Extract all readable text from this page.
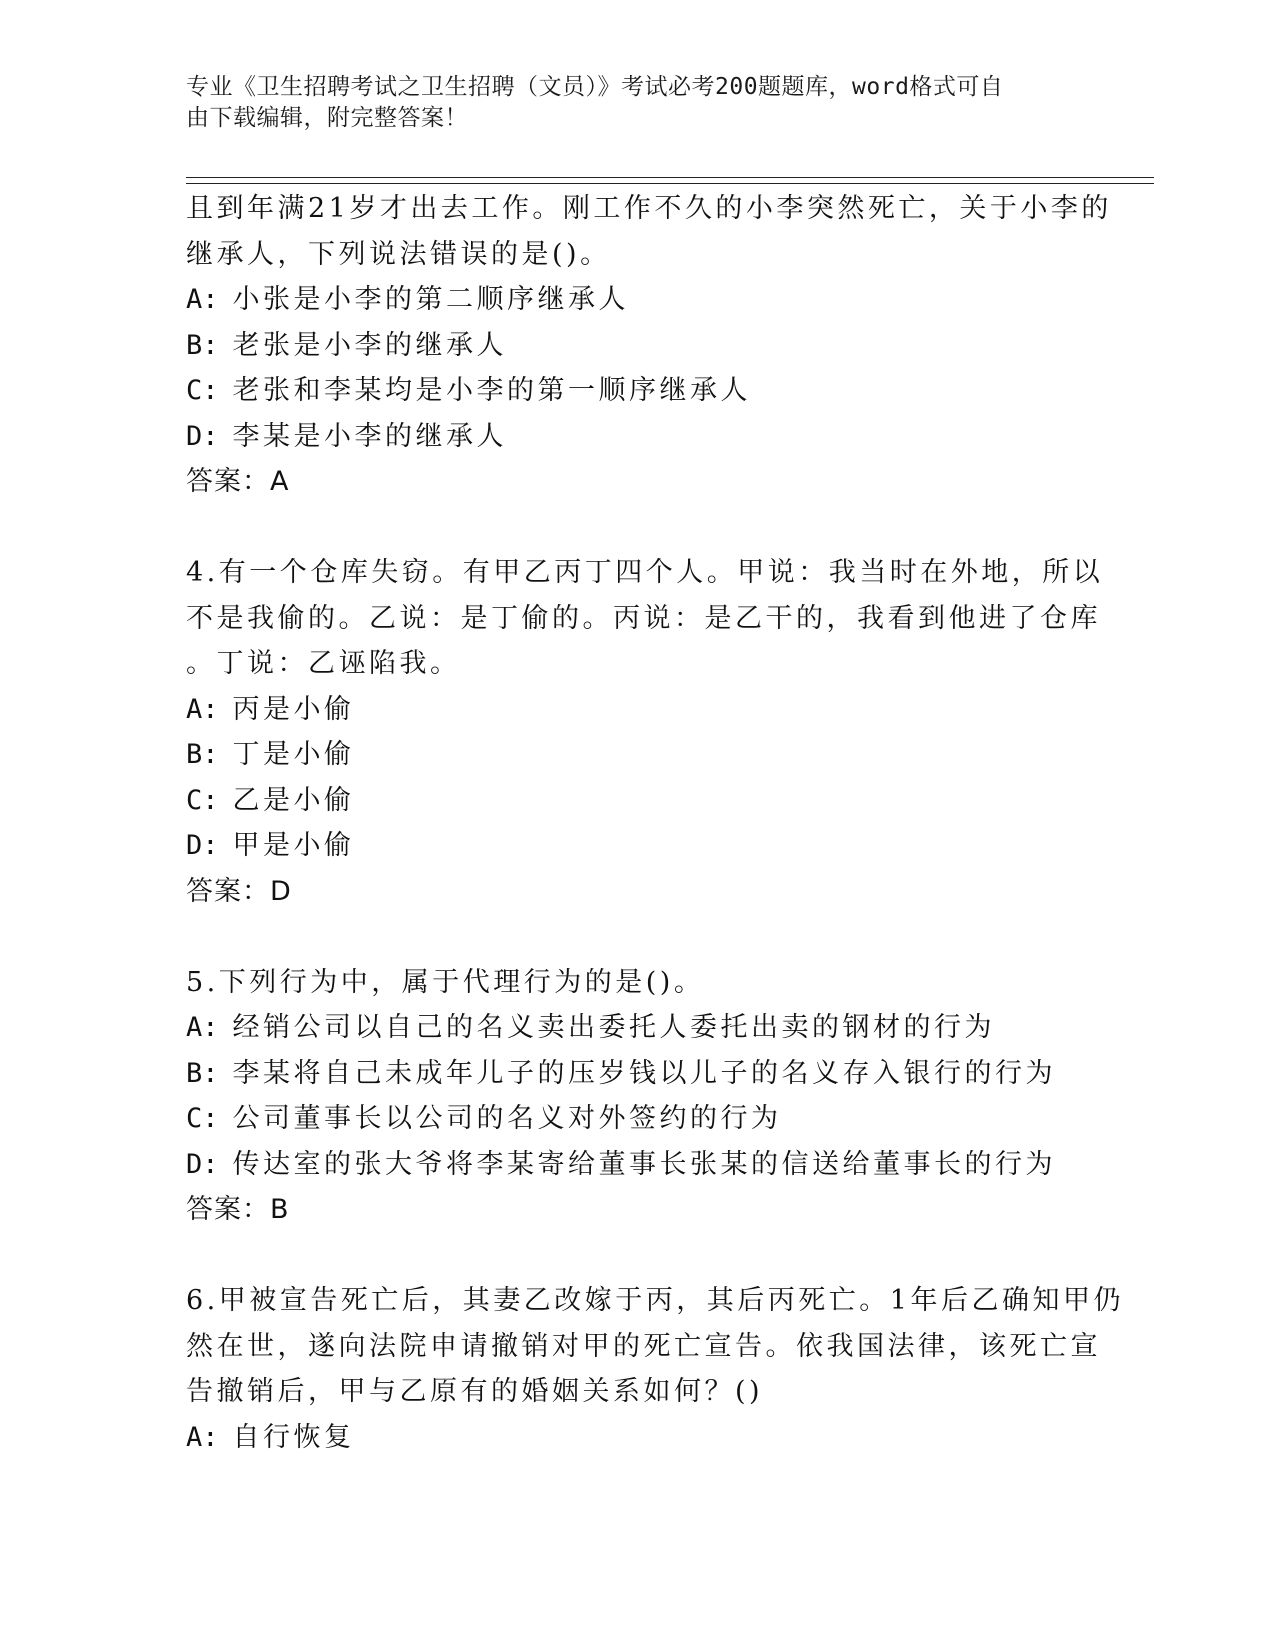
专业《卫生招聘考试之卫生招聘（文员）》考试必考200题题库，word格式可自
由下载编辑，附完整答案！
且到年满21岁才出去工作。刚工作不久的小李突然死亡，关于小李的
继承人，下列说法错误的是()。
A: 小张是小李的第二顺序继承人
B: 老张是小李的继承人
C: 老张和李某均是小李的第一顺序继承人
D: 李某是小李的继承人
答案：A
4.有一个仓库失窃。有甲乙丙丁四个人。甲说：我当时在外地，所以
不是我偷的。乙说：是丁偷的。丙说：是乙干的，我看到他进了仓库
。丁说：乙诬陷我。
A: 丙是小偷
B: 丁是小偷
C: 乙是小偷
D: 甲是小偷
答案：D
5.下列行为中，属于代理行为的是()。
A: 经销公司以自己的名义卖出委托人委托出卖的钢材的行为
B: 李某将自己未成年儿子的压岁钱以儿子的名义存入银行的行为
C: 公司董事长以公司的名义对外签约的行为
D: 传达室的张大爷将李某寄给董事长张某的信送给董事长的行为
答案：B
6.甲被宣告死亡后，其妻乙改嫁于丙，其后丙死亡。1年后乙确知甲仍
然在世，遂向法院申请撤销对甲的死亡宣告。依我国法律，该死亡宣
告撤销后，甲与乙原有的婚姻关系如何？()
A: 自行恢复
